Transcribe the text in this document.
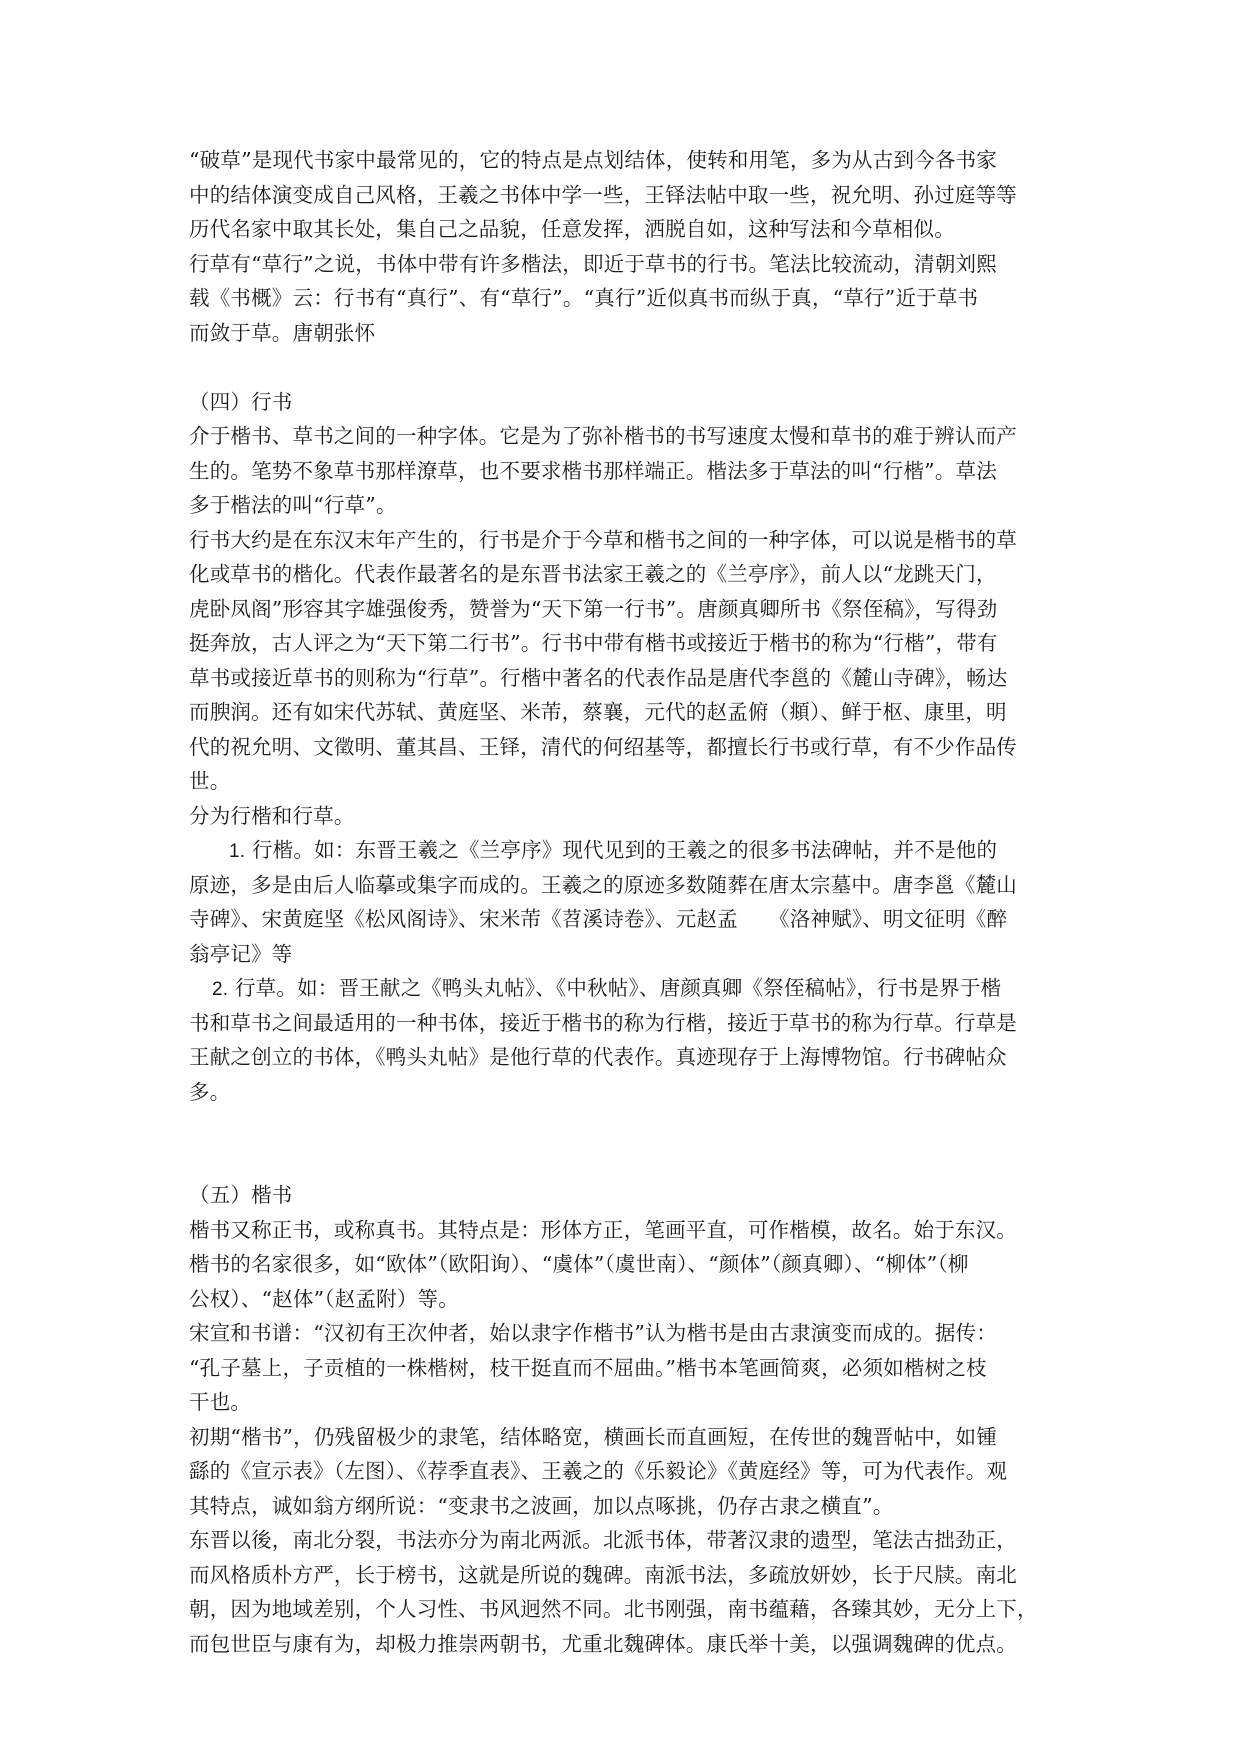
“破草”是现代书家中最常见的，它的特点是点划结体，使转和用笔，多为从古到今各书家
中的结体演变成自己风格，王羲之书体中学一些，王铎法帖中取一些，祝允明、孙过庭等等
历代名家中取其长处，集自己之品貌，任意发挥，洒脱自如，这种写法和今草相似。
行草有“草行”之说，书体中带有许多楷法，即近于草书的行书。笔法比较流动，清朝刘熙
载《书概》云：行书有“真行”、有“草行”。“真行”近似真书而纵于真，“草行”近于草书
而敛于草。唐朝张怀
（四）行书
介于楷书、草书之间的一种字体。它是为了弥补楷书的书写速度太慢和草书的难于辨认而产
生的。笔势不象草书那样潦草，也不要求楷书那样端正。楷法多于草法的叫“行楷”。草法
多于楷法的叫“行草”。
行书大约是在东汉末年产生的，行书是介于今草和楷书之间的一种字体，可以说是楷书的草
化或草书的楷化。代表作最著名的是东晋书法家王羲之的《兰亭序》，前人以“龙跳天门，
虎卧凤阁”形容其字雄强俊秀，赞誉为“天下第一行书”。唐颜真卿所书《祭侄稿》，写得劲
挺奔放，古人评之为“天下第二行书”。行书中带有楷书或接近于楷书的称为“行楷”，带有
草书或接近草书的则称为“行草”。行楷中著名的代表作品是唐代李邕的《麓山寺碑》，畅达
而腴润。还有如宋代苏轼、黄庭坚、米芾，蔡襄，元代的赵孟俯（頫）、鲜于枢、康里，明
代的祝允明、文徵明、董其昌、王铎，清代的何绍基等，都擅长行书或行草，有不少作品传
世。
分为行楷和行草。
1. 行楷。如：东晋王羲之《兰亭序》现代见到的王羲之的很多书法碑帖，并不是他的
原迹，多是由后人临摹或集字而成的。王羲之的原迹多数随葬在唐太宗墓中。唐李邕《麓山
寺碑》、宋黄庭坚《松风阁诗》、宋米芾《苕溪诗卷》、元赵孟　　《洛神赋》、明文征明《醉
翁亭记》等
2. 行草。如：晋王献之《鸭头丸帖》、《中秋帖》、唐颜真卿《祭侄稿帖》，行书是界于楷
书和草书之间最适用的一种书体，接近于楷书的称为行楷，接近于草书的称为行草。行草是
王献之创立的书体，《鸭头丸帖》是他行草的代表作。真迹现存于上海博物馆。行书碑帖众
多。
（五）楷书
楷书又称正书，或称真书。其特点是：形体方正，笔画平直，可作楷模，故名。始于东汉。
楷书的名家很多，如“欧体”（欧阳询）、“虞体”（虞世南）、“颜体”（颜真卿）、“柳体”（柳
公权）、“赵体”（赵孟附）等。
宋宣和书谱：“汉初有王次仲者，始以隶字作楷书”认为楷书是由古隶演变而成的。据传：
“孔子墓上，子贡植的一株楷树，枝干挺直而不屈曲。”楷书本笔画简爽，必须如楷树之枝
干也。
初期“楷书”，仍残留极少的隶笔，结体略宽，横画长而直画短，在传世的魏晋帖中，如锺
繇的《宣示表》（左图）、《荐季直表》、王羲之的《乐毅论》《黄庭经》等，可为代表作。观
其特点，诚如翁方纲所说：“变隶书之波画，加以点啄挑，仍存古隶之横直”。
东晋以後，南北分裂，书法亦分为南北两派。北派书体，带著汉隶的遗型，笔法古拙劲正，
而风格质朴方严，长于榜书，这就是所说的魏碑。南派书法，多疏放妍妙，长于尺牍。南北
朝，因为地域差别，个人习性、书风迥然不同。北书刚强，南书蕴藉，各臻其妙，无分上下，
而包世臣与康有为，却极力推崇两朝书，尤重北魏碑体。康氏举十美，以强调魏碑的优点。
